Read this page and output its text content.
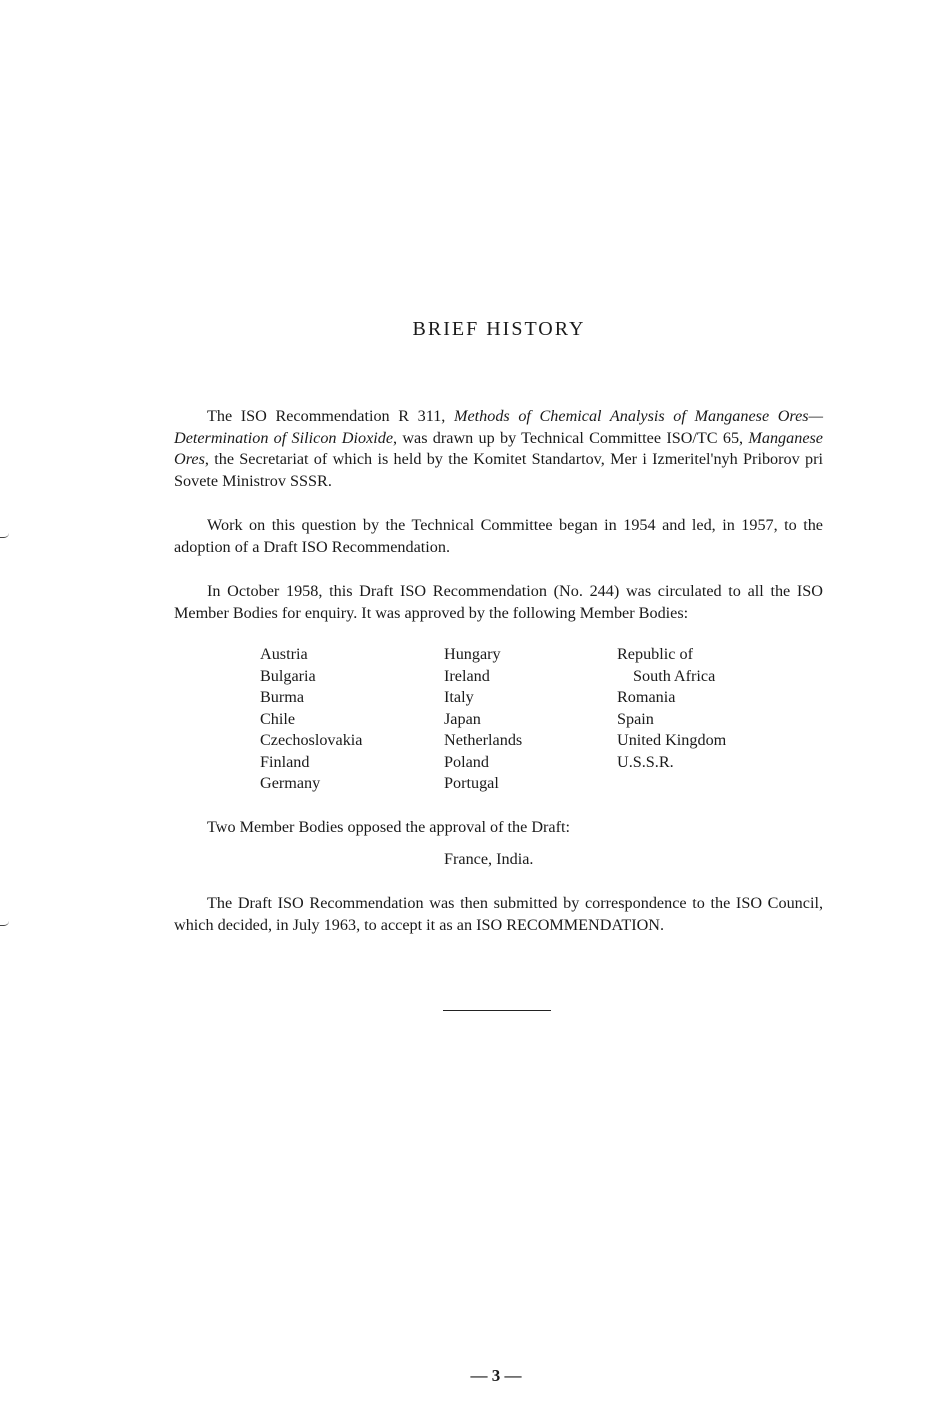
BRIEF HISTORY

The ISO Recommendation R 311, Methods of Chemical Analysis of Manganese Ores—Determination of Silicon Dioxide, was drawn up by Technical Committee ISO/TC 65, Manganese Ores, the Secretariat of which is held by the Komitet Standartov, Mer i Izmeritel'nyh Priborov pri Sovete Ministrov SSSR.

Work on this question by the Technical Committee began in 1954 and led, in 1957, to the adoption of a Draft ISO Recommendation.

In October 1958, this Draft ISO Recommendation (No. 244) was circulated to all the ISO Member Bodies for enquiry. It was approved by the following Member Bodies:

Austria
Bulgaria
Burma
Chile
Czechoslovakia
Finland
Germany
Hungary
Ireland
Italy
Japan
Netherlands
Poland
Portugal
Republic of
South Africa
Romania
Spain
United Kingdom
U.S.S.R.

Two Member Bodies opposed the approval of the Draft:

France, India.

The Draft ISO Recommendation was then submitted by correspondence to the ISO Council, which decided, in July 1963, to accept it as an ISO RECOMMENDATION.

— 3 —
